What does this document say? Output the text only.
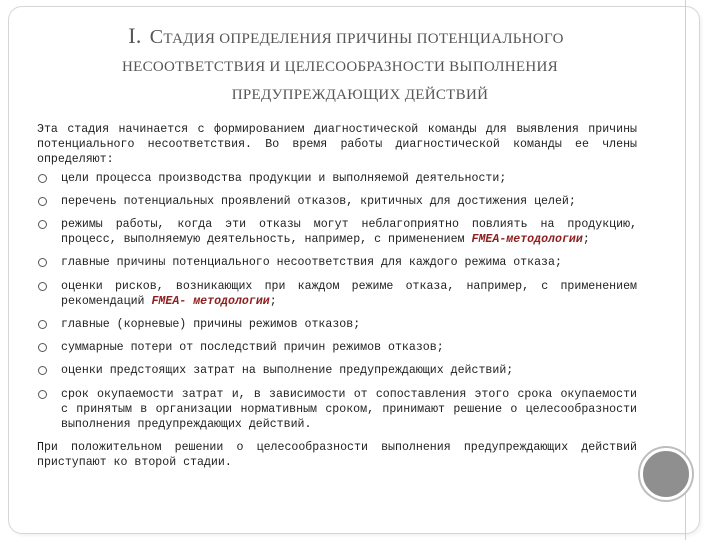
I. СТАДИЯ ОПРЕДЕЛЕНИЯ ПРИЧИНЫ ПОТЕНЦИАЛЬНОГО
НЕСООТВЕТСТВИЯ И ЦЕЛЕСООБРАЗНОСТИ ВЫПОЛНЕНИЯ
ПРЕДУПРЕЖДАЮЩИХ ДЕЙСТВИЙ

Эта стадия начинается с формированием диагностической команды для выявления причины потенциального несоответствия. Во время работы диагностической команды ее члены определяют:

цели процесса производства продукции и выполняемой деятельности;
перечень потенциальных проявлений отказов, критичных для достижения целей;
режимы работы, когда эти отказы могут неблагоприятно повлиять на продукцию, процесс, выполняемую деятельность, например, с применением FMEA-методологии;
главные причины потенциального несоответствия для каждого режима отказа;
оценки рисков, возникающих при каждом режиме отказа, например, с применением рекомендаций FMEA- методологии;
главные (корневые) причины режимов отказов;
суммарные потери от последствий причин режимов отказов;
оценки предстоящих затрат на выполнение предупреждающих действий;
срок окупаемости затрат и, в зависимости от сопоставления этого срока окупаемости с принятым в организации нормативным сроком, принимают решение о целесообразности выполнения предупреждающих действий.

При положительном решении о целесообразности выполнения предупреждающих действий приступают ко второй стадии.
